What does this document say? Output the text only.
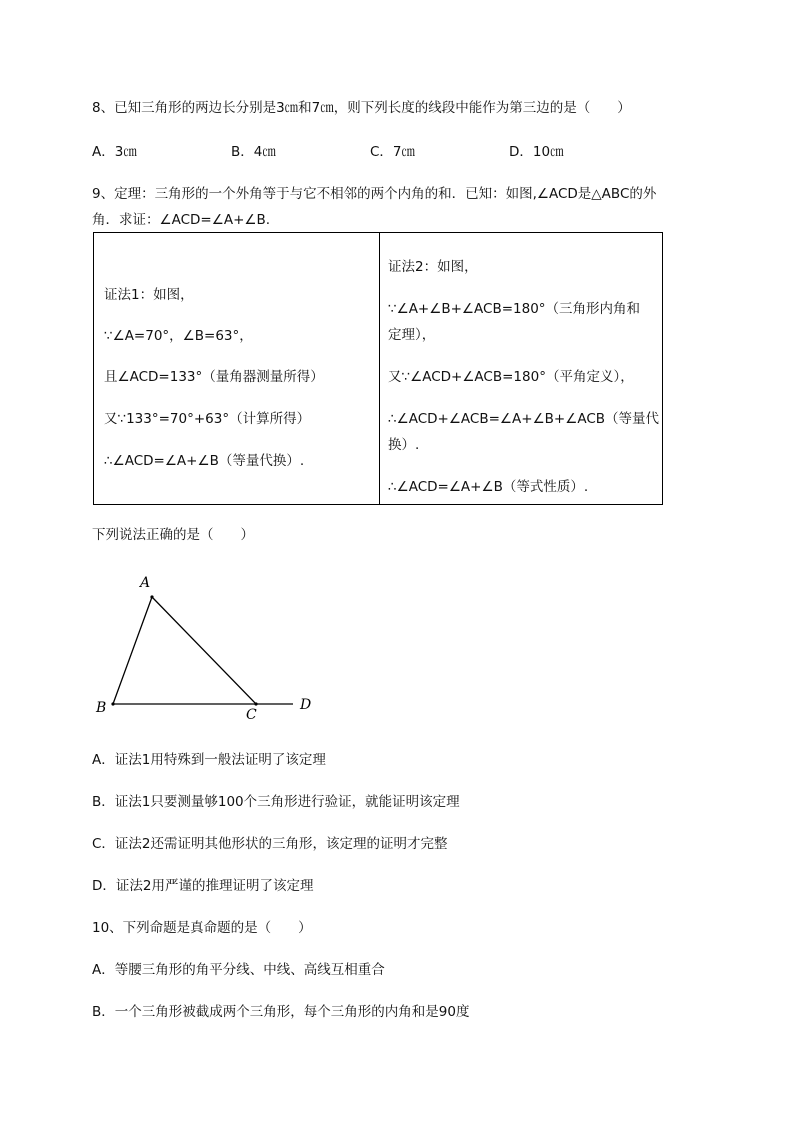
8、已知三角形的两边长分别是3㎝和7㎝，则下列长度的线段中能作为第三边的是（　　）
A．3㎝	B．4㎝	C．7㎝	D．10㎝
9、定理：三角形的一个外角等于与它不相邻的两个内角的和．已知：如图,∠ACD是△ABC的外
角．求证：∠ACD=∠A+∠B.
证法1：如图，
∵∠A=70°，∠B=63°，
且∠ACD=133°（量角器测量所得）
又∵133°=70°+63°（计算所得）
∴∠ACD=∠A+∠B（等量代换）.
证法2：如图，
∵∠A+∠B+∠ACB=180°（三角形内角和
定理），
又∵∠ACD+∠ACB=180°（平角定义），
∴∠ACD+∠ACB=∠A+∠B+∠ACB（等量代
换）.
∴∠ACD=∠A+∠B（等式性质）.
下列说法正确的是（　　）
A
B	C
D
A．证法1用特殊到一般法证明了该定理
B．证法1只要测量够100个三角形进行验证，就能证明该定理
C．证法2还需证明其他形状的三角形，该定理的证明才完整
D．证法2用严谨的推理证明了该定理
10、下列命题是真命题的是（　　）
A．等腰三角形的角平分线、中线、高线互相重合
B．一个三角形被截成两个三角形，每个三角形的内角和是90度
